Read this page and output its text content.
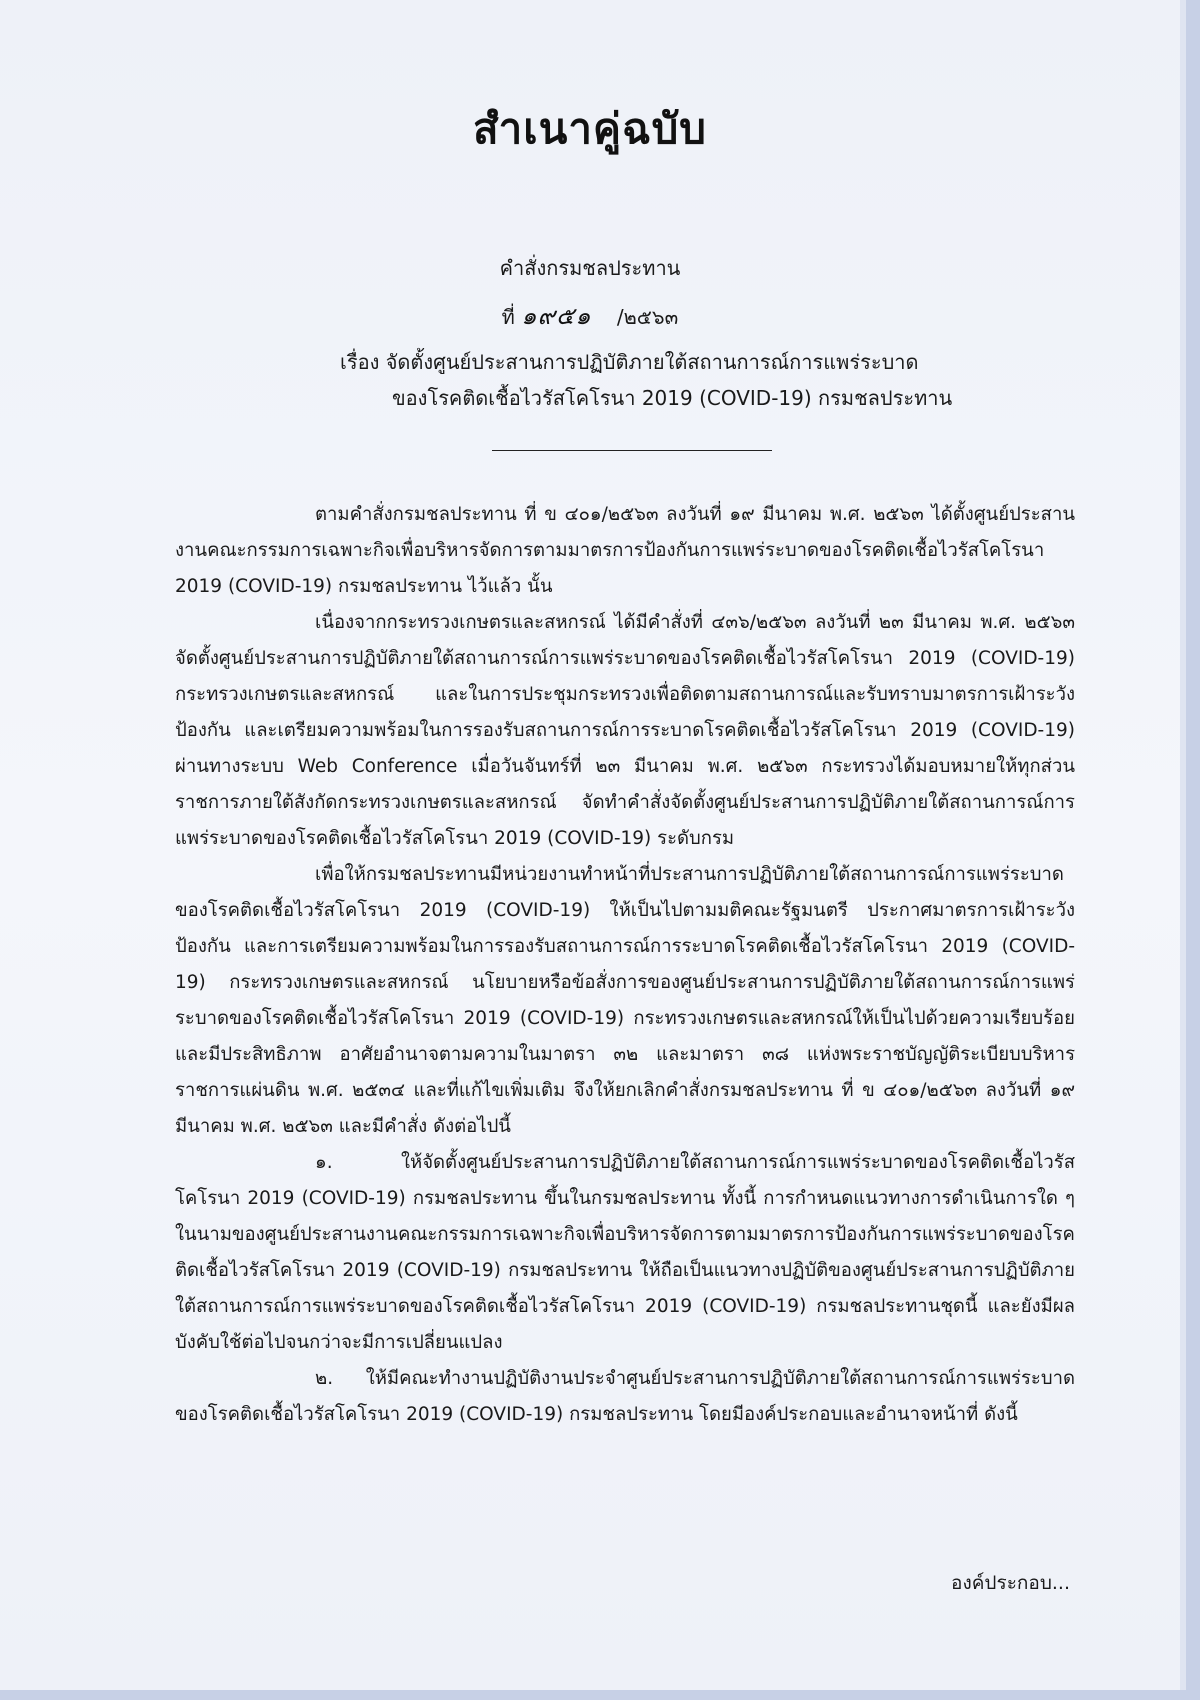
สำเนาคู่ฉบับ
คำสั่งกรมชลประทาน
ที่ ๑๙๕๑ /๒๕๖๓
เรื่อง จัดตั้งศูนย์ประสานการปฏิบัติภายใต้สถานการณ์การแพร่ระบาด
ของโรคติดเชื้อไวรัสโคโรนา 2019 (COVID-19) กรมชลประทาน

ตามคำสั่งกรมชลประทาน ที่ ข ๔๐๑/๒๕๖๓ ลงวันที่ ๑๙ มีนาคม พ.ศ. ๒๕๖๓ ได้ตั้งศูนย์ประสานงานคณะกรรมการเฉพาะกิจเพื่อบริหารจัดการตามมาตรการป้องกันการแพร่ระบาดของโรคติดเชื้อไวรัสโคโรนา 2019 (COVID-19) กรมชลประทาน ไว้แล้ว นั้น

เนื่องจากกระทรวงเกษตรและสหกรณ์ ได้มีคำสั่งที่ ๔๓๖/๒๕๖๓ ลงวันที่ ๒๓ มีนาคม พ.ศ. ๒๕๖๓ จัดตั้งศูนย์ประสานการปฏิบัติภายใต้สถานการณ์การแพร่ระบาดของโรคติดเชื้อไวรัสโคโรนา 2019 (COVID-19) กระทรวงเกษตรและสหกรณ์ และในการประชุมกระทรวงเพื่อติดตามสถานการณ์และรับทราบมาตรการเฝ้าระวัง ป้องกัน และเตรียมความพร้อมในการรองรับสถานการณ์การระบาดโรคติดเชื้อไวรัสโคโรนา 2019 (COVID-19) ผ่านทางระบบ Web Conference เมื่อวันจันทร์ที่ ๒๓ มีนาคม พ.ศ. ๒๕๖๓ กระทรวงได้มอบหมายให้ทุกส่วนราชการภายใต้สังกัดกระทรวงเกษตรและสหกรณ์ จัดทำคำสั่งจัดตั้งศูนย์ประสานการปฏิบัติภายใต้สถานการณ์การแพร่ระบาดของโรคติดเชื้อไวรัสโคโรนา 2019 (COVID-19) ระดับกรม

เพื่อให้กรมชลประทานมีหน่วยงานทำหน้าที่ประสานการปฏิบัติภายใต้สถานการณ์การแพร่ระบาดของโรคติดเชื้อไวรัสโคโรนา 2019 (COVID-19) ให้เป็นไปตามมติคณะรัฐมนตรี ประกาศมาตรการเฝ้าระวัง ป้องกัน และการเตรียมความพร้อมในการรองรับสถานการณ์การระบาดโรคติดเชื้อไวรัสโคโรนา 2019 (COVID-19) กระทรวงเกษตรและสหกรณ์ นโยบายหรือข้อสั่งการของศูนย์ประสานการปฏิบัติภายใต้สถานการณ์การแพร่ระบาดของโรคติดเชื้อไวรัสโคโรนา 2019 (COVID-19) กระทรวงเกษตรและสหกรณ์ให้เป็นไปด้วยความเรียบร้อยและมีประสิทธิภาพ อาศัยอำนาจตามความในมาตรา ๓๒ และมาตรา ๓๘ แห่งพระราชบัญญัติระเบียบบริหารราชการแผ่นดิน พ.ศ. ๒๕๓๔ และที่แก้ไขเพิ่มเติม จึงให้ยกเลิกคำสั่งกรมชลประทาน ที่ ข ๔๐๑/๒๕๖๓ ลงวันที่ ๑๙ มีนาคม พ.ศ. ๒๕๖๓ และมีคำสั่ง ดังต่อไปนี้

๑. ให้จัดตั้งศูนย์ประสานการปฏิบัติภายใต้สถานการณ์การแพร่ระบาดของโรคติดเชื้อไวรัสโคโรนา 2019 (COVID-19) กรมชลประทาน ขึ้นในกรมชลประทาน ทั้งนี้ การกำหนดแนวทางการดำเนินการใด ๆ ในนามของศูนย์ประสานงานคณะกรรมการเฉพาะกิจเพื่อบริหารจัดการตามมาตรการป้องกันการแพร่ระบาดของโรคติดเชื้อไวรัสโคโรนา 2019 (COVID-19) กรมชลประทาน ให้ถือเป็นแนวทางปฏิบัติของศูนย์ประสานการปฏิบัติภายใต้สถานการณ์การแพร่ระบาดของโรคติดเชื้อไวรัสโคโรนา 2019 (COVID-19) กรมชลประทานชุดนี้ และยังมีผลบังคับใช้ต่อไปจนกว่าจะมีการเปลี่ยนแปลง

๒. ให้มีคณะทำงานปฏิบัติงานประจำศูนย์ประสานการปฏิบัติภายใต้สถานการณ์การแพร่ระบาดของโรคติดเชื้อไวรัสโคโรนา 2019 (COVID-19) กรมชลประทาน โดยมีองค์ประกอบและอำนาจหน้าที่ ดังนี้

องค์ประกอบ...
